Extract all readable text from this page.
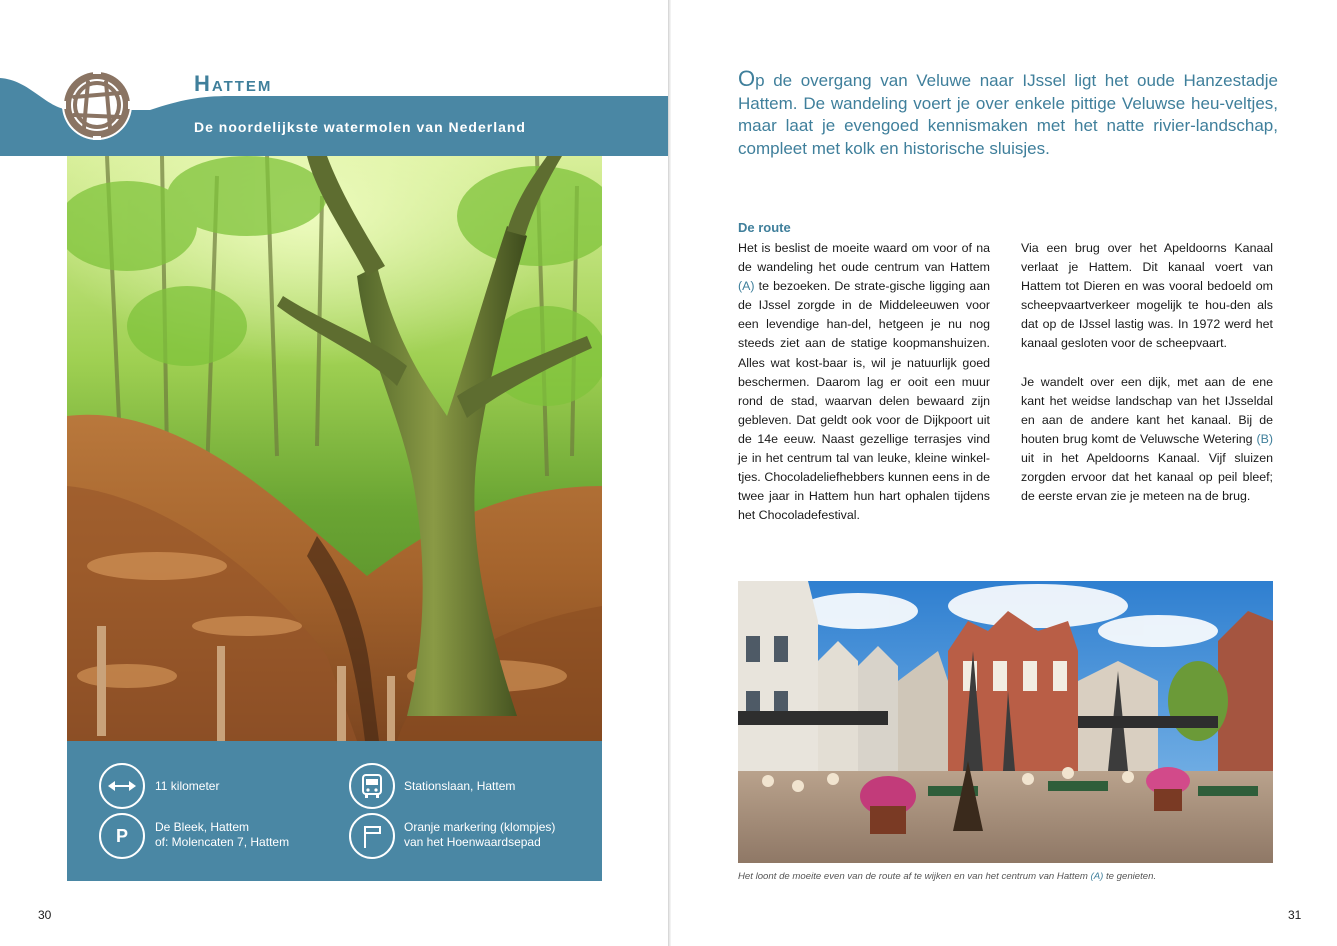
Hattem
De noordelijkste watermolen van Nederland
11 kilometer	Stationslaan, Hattem
P	De Bleek, Hattem
of: Molencaten 7, Hattem
Oranje markering (klompjes)
van het Hoenwaardsepad
30
Op de overgang van Veluwe naar IJssel ligt het oude Hanzestadje Hattem. De wandeling voert je over enkele pittige Veluwse heu-veltjes, maar laat je evengoed kennismaken met het natte rivier-landschap, compleet met kolk en historische sluisjes.
De route

Het is beslist de moeite waard om voor of na de wandeling het oude centrum van Hattem (A) te bezoeken. De strate-gische ligging aan de IJssel zorgde in de Middeleeuwen voor een levendige han-del, hetgeen je nu nog steeds ziet aan de statige koopmanshuizen. Alles wat kost-baar is, wil je natuurlijk goed beschermen. Daarom lag er ooit een muur rond de stad, waarvan delen bewaard zijn gebleven. Dat geldt ook voor de Dijkpoort uit de 14e eeuw. Naast gezellige terrasjes vind je in het centrum tal van leuke, kleine winkel-tjes. Chocoladeliefhebbers kunnen eens in de twee jaar in Hattem hun hart ophalen tijdens het Chocoladefestival.

Via een brug over het Apeldoorns Kanaal verlaat je Hattem. Dit kanaal voert van Hattem tot Dieren en was vooral bedoeld om scheepvaartverkeer mogelijk te hou-den als dat op de IJssel lastig was. In 1972 werd het kanaal gesloten voor de scheepvaart.

Je wandelt over een dijk, met aan de ene kant het weidse landschap van het IJsseldal en aan de andere kant het kanaal. Bij de houten brug komt de Veluwsche Wetering (B) uit in het Apeldoorns Kanaal. Vijf sluizen zorgden ervoor dat het kanaal op peil bleef; de eerste ervan zie je meteen na de brug.

Het loont de moeite even van de route af te wijken en van het centrum van Hattem (A) te genieten.
31
